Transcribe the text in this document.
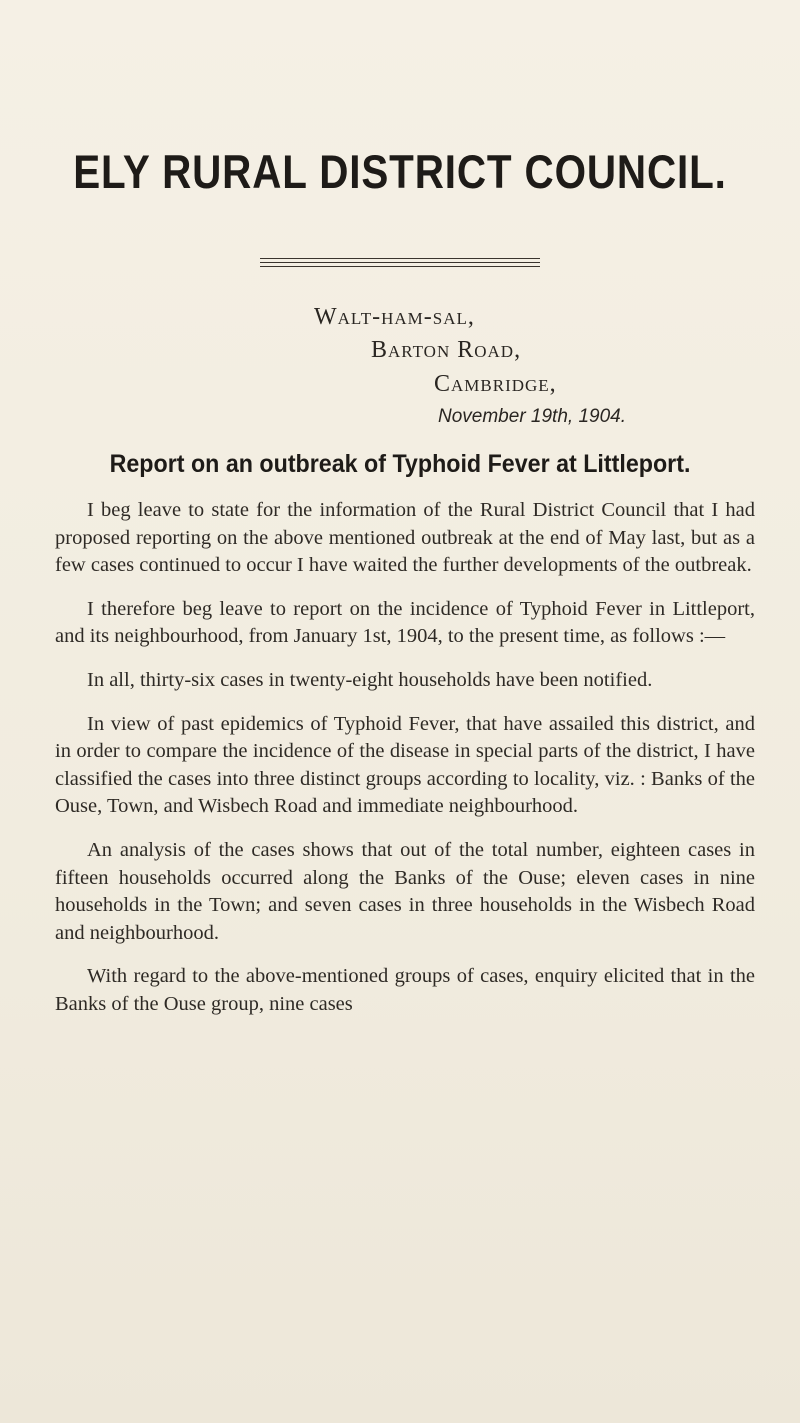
ELY RURAL DISTRICT COUNCIL.
Walt-ham-sal,
Barton Road,
Cambridge,
November 19th, 1904.
Report on an outbreak of Typhoid Fever at Littleport.

I beg leave to state for the information of the Rural District Council that I had proposed reporting on the above mentioned outbreak at the end of May last, but as a few cases continued to occur I have waited the further developments of the outbreak.

I therefore beg leave to report on the incidence of Typhoid Fever in Littleport, and its neighbourhood, from January 1st, 1904, to the present time, as follows :—

In all, thirty-six cases in twenty-eight households have been notified.

In view of past epidemics of Typhoid Fever, that have assailed this district, and in order to compare the incidence of the disease in special parts of the district, I have classified the cases into three distinct groups according to locality, viz. : Banks of the Ouse, Town, and Wisbech Road and immediate neighbourhood.

An analysis of the cases shows that out of the total number, eighteen cases in fifteen households occurred along the Banks of the Ouse; eleven cases in nine households in the Town; and seven cases in three households in the Wisbech Road and neighbourhood.

With regard to the above-mentioned groups of cases, enquiry elicited that in the Banks of the Ouse group, nine cases
